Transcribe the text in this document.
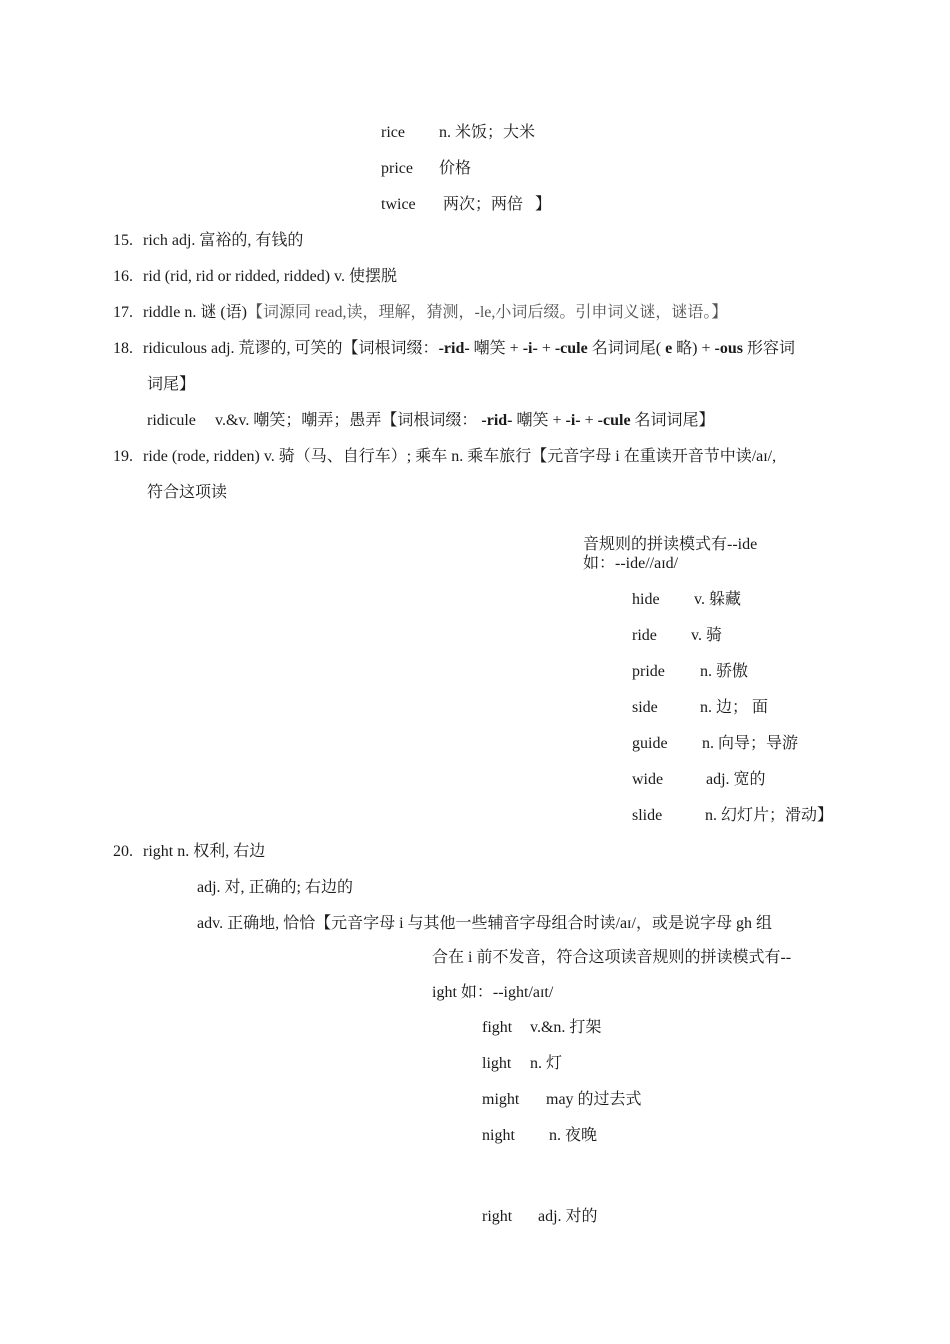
rice n. 米饭；大米
price 价格
twice 两次；两倍 】
15. rich adj. 富裕的, 有钱的
16. rid (rid, rid or ridded, ridded) v. 使摆脱
17. riddle n. 谜 (语)【词源同 read,读，理解，猜测，-le,小词后缀。引申词义谜，谜语。】
18. ridiculous adj. 荒谬的, 可笑的【词根词缀：-rid- 嘲笑 + -i- + -cule 名词词尾( e 略) + -ous 形容词
词尾】
ridicule v.&v. 嘲笑；嘲弄；愚弄【词根词缀： -rid- 嘲笑 + -i- + -cule 名词词尾】
19. ride (rode, ridden) v. 骑（马、自行车）; 乘车 n. 乘车旅行【元音字母 i 在重读开音节中读/aɪ/,
符合这项读
音规则的拼读模式有--ide
如：--ide//aɪd/
hide v. 躲藏
ride v. 骑
pride n. 骄傲
side	n. 边； 面
guide n. 向导；导游
wide	adj. 宽的
slide	n. 幻灯片；滑动】
20. right n. 权利, 右边
adj. 对, 正确的; 右边的
adv. 正确地, 恰恰【元音字母 i 与其他一些辅音字母组合时读/aɪ/，或是说字母 gh 组
合在 i 前不发音，符合这项读音规则的拼读模式有--
ight 如：--ight/aɪt/
fight v.&n. 打架
light n. 灯
might may 的过去式
night n. 夜晚
right adj. 对的
